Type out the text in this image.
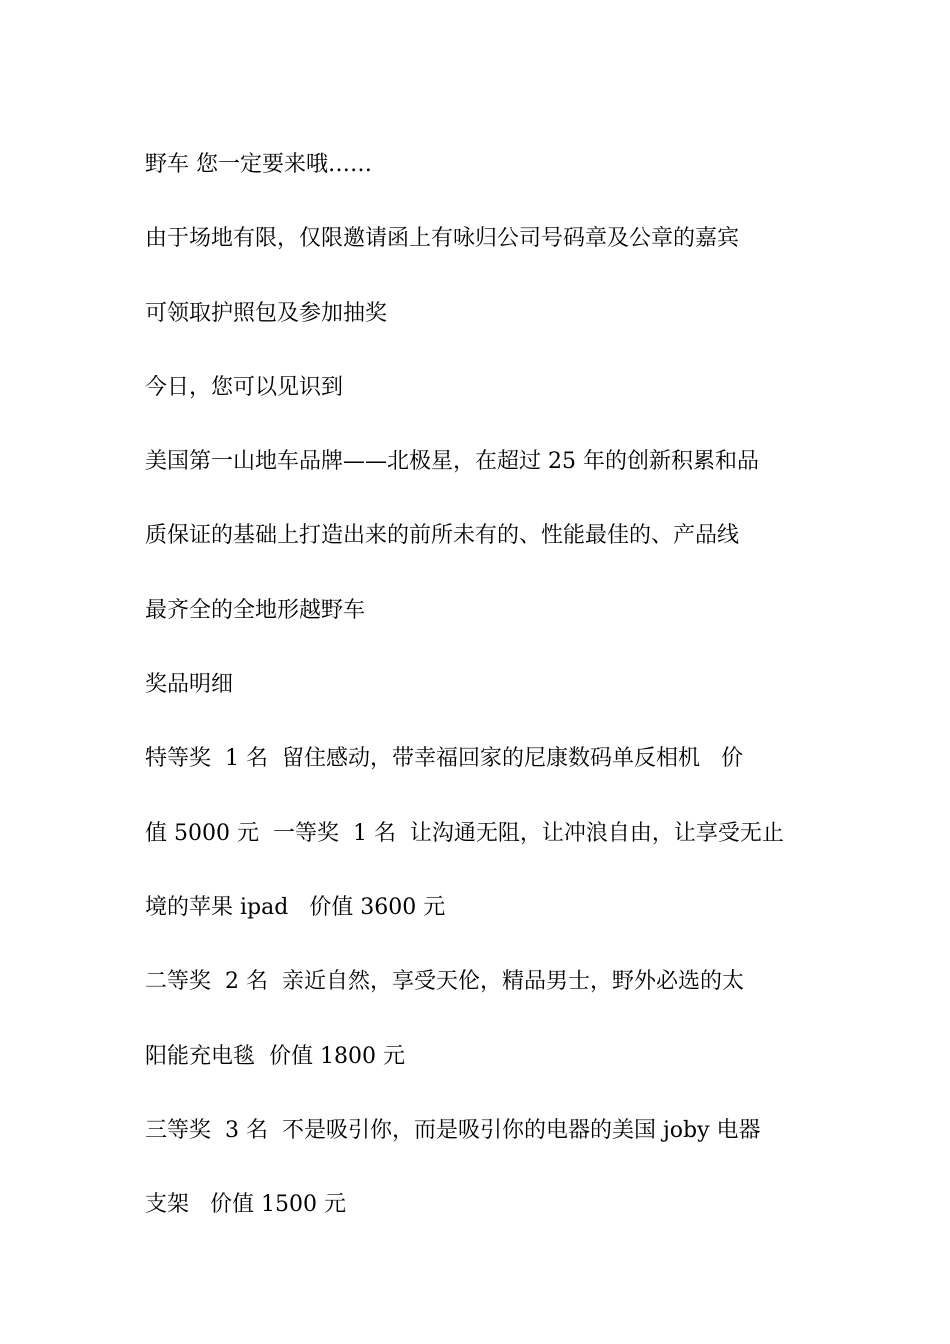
野车 您一定要来哦……

由于场地有限，仅限邀请函上有咏归公司号码章及公章的嘉宾

可领取护照包及参加抽奖

今日，您可以见识到

美国第一山地车品牌——北极星，在超过 25 年的创新积累和品

质保证的基础上打造出来的前所未有的、性能最佳的、产品线

最齐全的全地形越野车

奖品明细

特等奖  1 名  留住感动，带幸福回家的尼康数码单反相机   价

值 5000 元  一等奖  1 名  让沟通无阻，让冲浪自由，让享受无止

境的苹果 ipad   价值 3600 元

二等奖  2 名  亲近自然，享受天伦，精品男士，野外必选的太

阳能充电毯  价值 1800 元

三等奖  3 名  不是吸引你，而是吸引你的电器的美国 joby 电器

支架   价值 1500 元
